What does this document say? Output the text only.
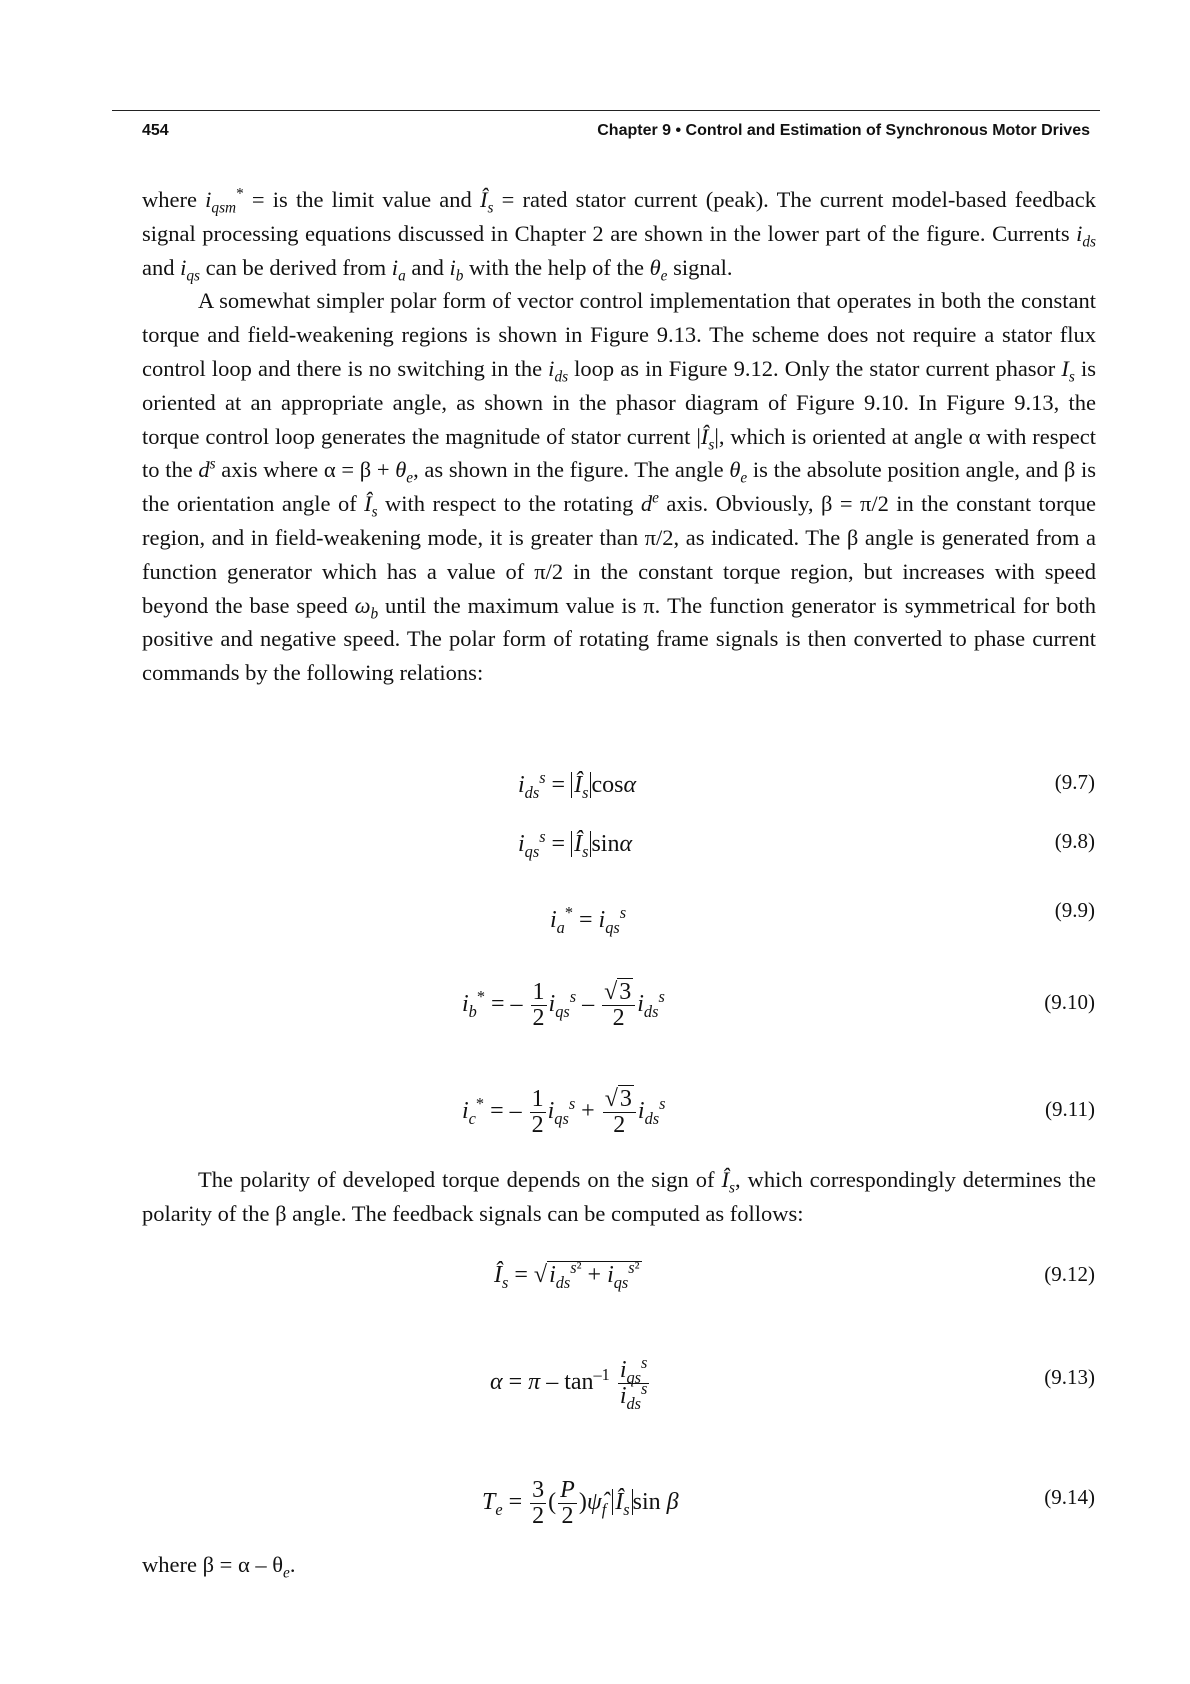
454	Chapter 9 • Control and Estimation of Synchronous Motor Drives

where $i_{qsm}^*$ = is the limit value and $Î_s$ = rated stator current (peak). The current model-based feedback signal processing equations discussed in Chapter 2 are shown in the lower part of the figure. Currents $i_{ds}$ and $i_{qs}$ can be derived from $i_a$ and $i_b$ with the help of the $\theta_e$ signal.

A somewhat simpler polar form of vector control implementation that operates in both the constant torque and field-weakening regions is shown in Figure 9.13. The scheme does not require a stator flux control loop and there is no switching in the $i_{ds}$ loop as in Figure 9.12. Only the stator current phasor $I_s$ is oriented at an appropriate angle, as shown in the phasor diagram of Figure 9.10. In Figure 9.13, the torque control loop generates the magnitude of stator current $|Î_s|$, which is oriented at angle α with respect to the $d^s$ axis where $\alpha = \beta + \theta_e$, as shown in the figure. The angle $\theta_e$ is the absolute position angle, and β is the orientation angle of $Î_s$ with respect to the rotating $d^e$ axis. Obviously, β = π/2 in the constant torque region, and in field-weakening mode, it is greater than π/2, as indicated. The β angle is generated from a function generator which has a value of π/2 in the constant torque region, but increases with speed beyond the base speed $\omega_b$ until the maximum value is π. The function generator is symmetrical for both positive and negative speed. The polar form of rotating frame signals is then converted to phase current commands by the following relations:

$i_{ds}^s$ = $Î_s$ cosα	(9.7)
$i_{qs}^s$ = $Î_s$ sinα	(9.8)
$i_a^* = i_{qs}^s$	(9.9)
$i_b^*$ = – $\frac{1}{2} i_{qs}^s - \frac{√3}{2} i_{ds}^s$	(9.10)
$i_c^*$ = – $\frac{1}{2} i_{qs}^s + \frac{√3}{2} i_{ds}^s$	(9.11)

The polarity of developed torque depends on the sign of $Î_s$, which correspondingly determines the polarity of the β angle. The feedback signals can be computed as follows:

$Î_s = √i_{ds}^{s^2} + i_{qs}^{s^2}$	(9.12)
$\alpha = \pi - \tan^{-1} \frac{i_{qs}^s}{i_{ds}^s}$	(9.13)
$T_e = \frac{3}{2}$ ( $\frac{P}{2}$ )$\psî_f$ $Î_s$ sin β	(9.14)

where $\beta = \alpha - \theta_e$.
